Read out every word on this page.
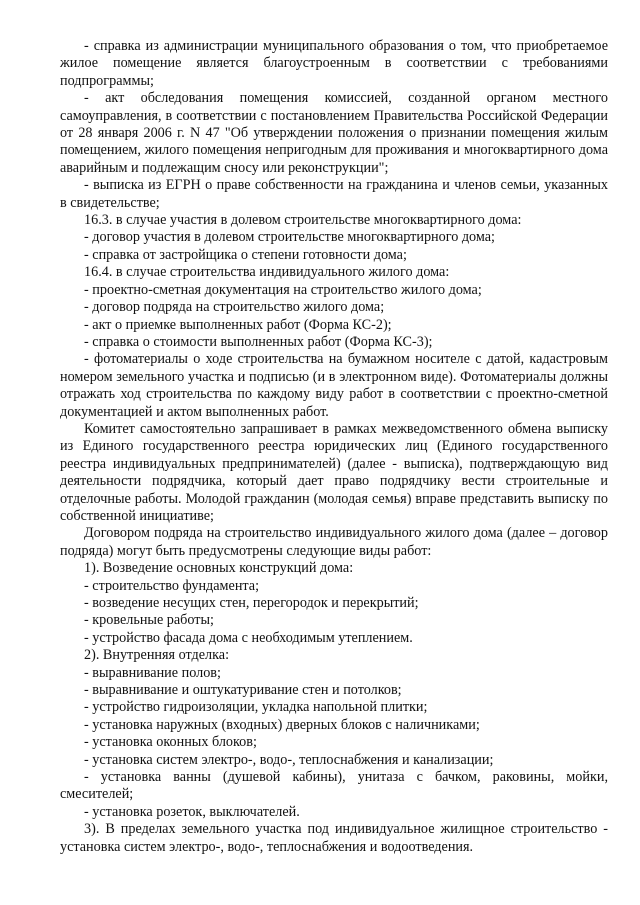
- справка из администрации муниципального образования о том, что приобретаемое жилое помещение является благоустроенным в соответствии с требованиями подпрограммы;

- акт обследования помещения комиссией, созданной органом местного самоуправления, в соответствии с постановлением Правительства Российской Федерации от 28 января 2006 г. N 47 "Об утверждении положения о признании помещения жилым помещением, жилого помещения непригодным для проживания и многоквартирного дома аварийным и подлежащим сносу или реконструкции";

- выписка из ЕГРН о праве собственности на гражданина и членов семьи, указанных в свидетельстве;

16.3. в случае участия в долевом строительстве многоквартирного дома:

- договор участия в долевом строительстве многоквартирного дома;

- справка от застройщика о степени готовности дома;

16.4. в случае строительства индивидуального жилого дома:

- проектно-сметная документация на строительство жилого дома;

- договор подряда на строительство жилого дома;

- акт о приемке выполненных работ (Форма КС-2);

- справка о стоимости выполненных работ (Форма КС-3);

- фотоматериалы о ходе строительства на бумажном носителе с датой, кадастровым номером земельного участка и подписью (и в электронном виде). Фотоматериалы должны отражать ход строительства по каждому виду работ в соответствии с проектно-сметной документацией и актом выполненных работ.

Комитет самостоятельно запрашивает в рамках межведомственного обмена выписку из Единого государственного реестра юридических лиц (Единого государственного реестра индивидуальных предпринимателей) (далее - выписка), подтверждающую вид деятельности подрядчика, который дает право подрядчику вести строительные и отделочные работы. Молодой гражданин (молодая семья) вправе представить выписку по собственной инициативе;

Договором подряда на строительство индивидуального жилого дома (далее – договор подряда) могут быть предусмотрены следующие виды работ:

1). Возведение основных конструкций дома:

- строительство фундамента;

- возведение несущих стен, перегородок и перекрытий;

- кровельные работы;

- устройство фасада дома с необходимым утеплением.

2). Внутренняя отделка:

- выравнивание полов;

- выравнивание и оштукатуривание стен и потолков;

- устройство гидроизоляции, укладка напольной плитки;

- установка наружных (входных) дверных блоков с наличниками;

- установка оконных блоков;

- установка систем электро-, водо-, теплоснабжения и канализации;

- установка ванны (душевой кабины), унитаза с бачком, раковины, мойки, смесителей;

- установка розеток, выключателей.

3). В пределах земельного участка под индивидуальное жилищное строительство - установка систем электро-, водо-, теплоснабжения и водоотведения.
